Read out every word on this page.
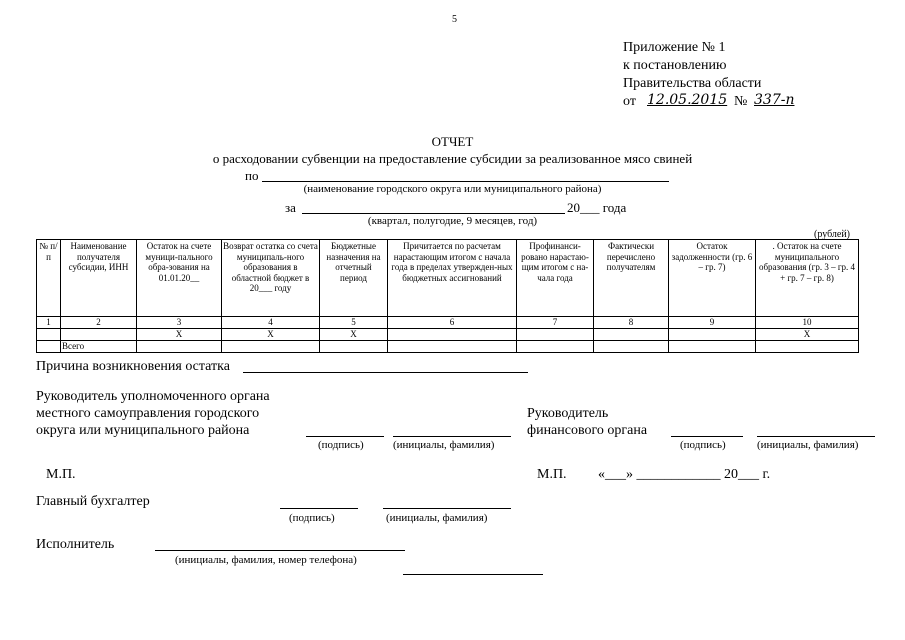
5
Приложение № 1
к постановлению
Правительства области
от 12.05.2015 № 337-п
ОТЧЕТ
о расходовании субвенции на предоставление субсидии за реализованное мясо свиней
по
(наименование городского округа или муниципального района)
за	20___ года
(квартал, полугодие, 9 месяцев, год)
(рублей)
№ п/п	Наименование получателя субсидии, ИНН	Остаток на счете муници-пального обра-зования на 01.01.20__	Возврат остатка со счета муниципаль-ного образования в областной бюджет в 20___ году	Бюджетные назначения на отчетный период	Причитается по расчетам нарастающим итогом с начала года в пределах утвержден-ных бюджетных ассигнований	Профинанси-ровано нарастаю-щим итогом с на-чала года	Фактически перечислено получателям	Остаток задолженности (гр. 6 – гр. 7)	. Остаток на счете муниципального образования (гр. 3 – гр. 4 + гр. 7 – гр. 8)
1	2	3	4	5	6	7	8	9	10
		X	X	X					X
	Всего								
Причина возникновения остатка
Руководитель уполномоченного органа
местного самоуправления городского
округа или муниципального района
(подпись)	(инициалы, фамилия)
Руководитель
финансового органа
(подпись)	(инициалы, фамилия)
М.П.	М.П. «___» ____________ 20___ г.
Главный бухгалтер
(подпись)	(инициалы, фамилия)
Исполнитель
(инициалы, фамилия, номер телефона)
